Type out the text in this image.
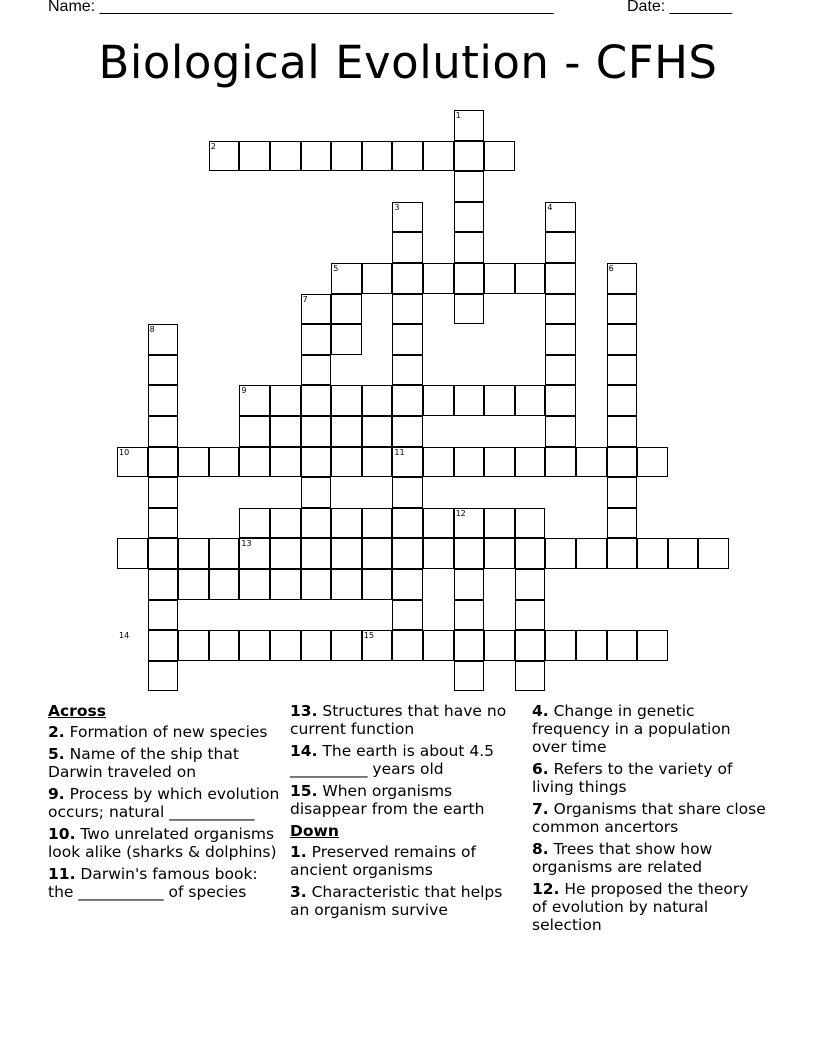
Name: ___________________________________________________	Date: _______
Biological Evolution - CFHS
1
2
3	4
5	6
7
8
9
10	11
12
13
14	15
Across
2. Formation of new species
5. Name of the ship that Darwin traveled on
9. Process by which evolution occurs; natural ___________
10. Two unrelated organisms look alike (sharks & dolphins)
11. Darwin's famous book: the ___________ of species
13. Structures that have no current function
14. The earth is about 4.5 __________ years old
15. When organisms disappear from the earth
Down
1. Preserved remains of ancient organisms
3. Characteristic that helps an organism survive
4. Change in genetic frequency in a population over time
6. Refers to the variety of living things
7. Organisms that share close common ancertors
8. Trees that show how organisms are related
12. He proposed the theory of evolution by natural selection
